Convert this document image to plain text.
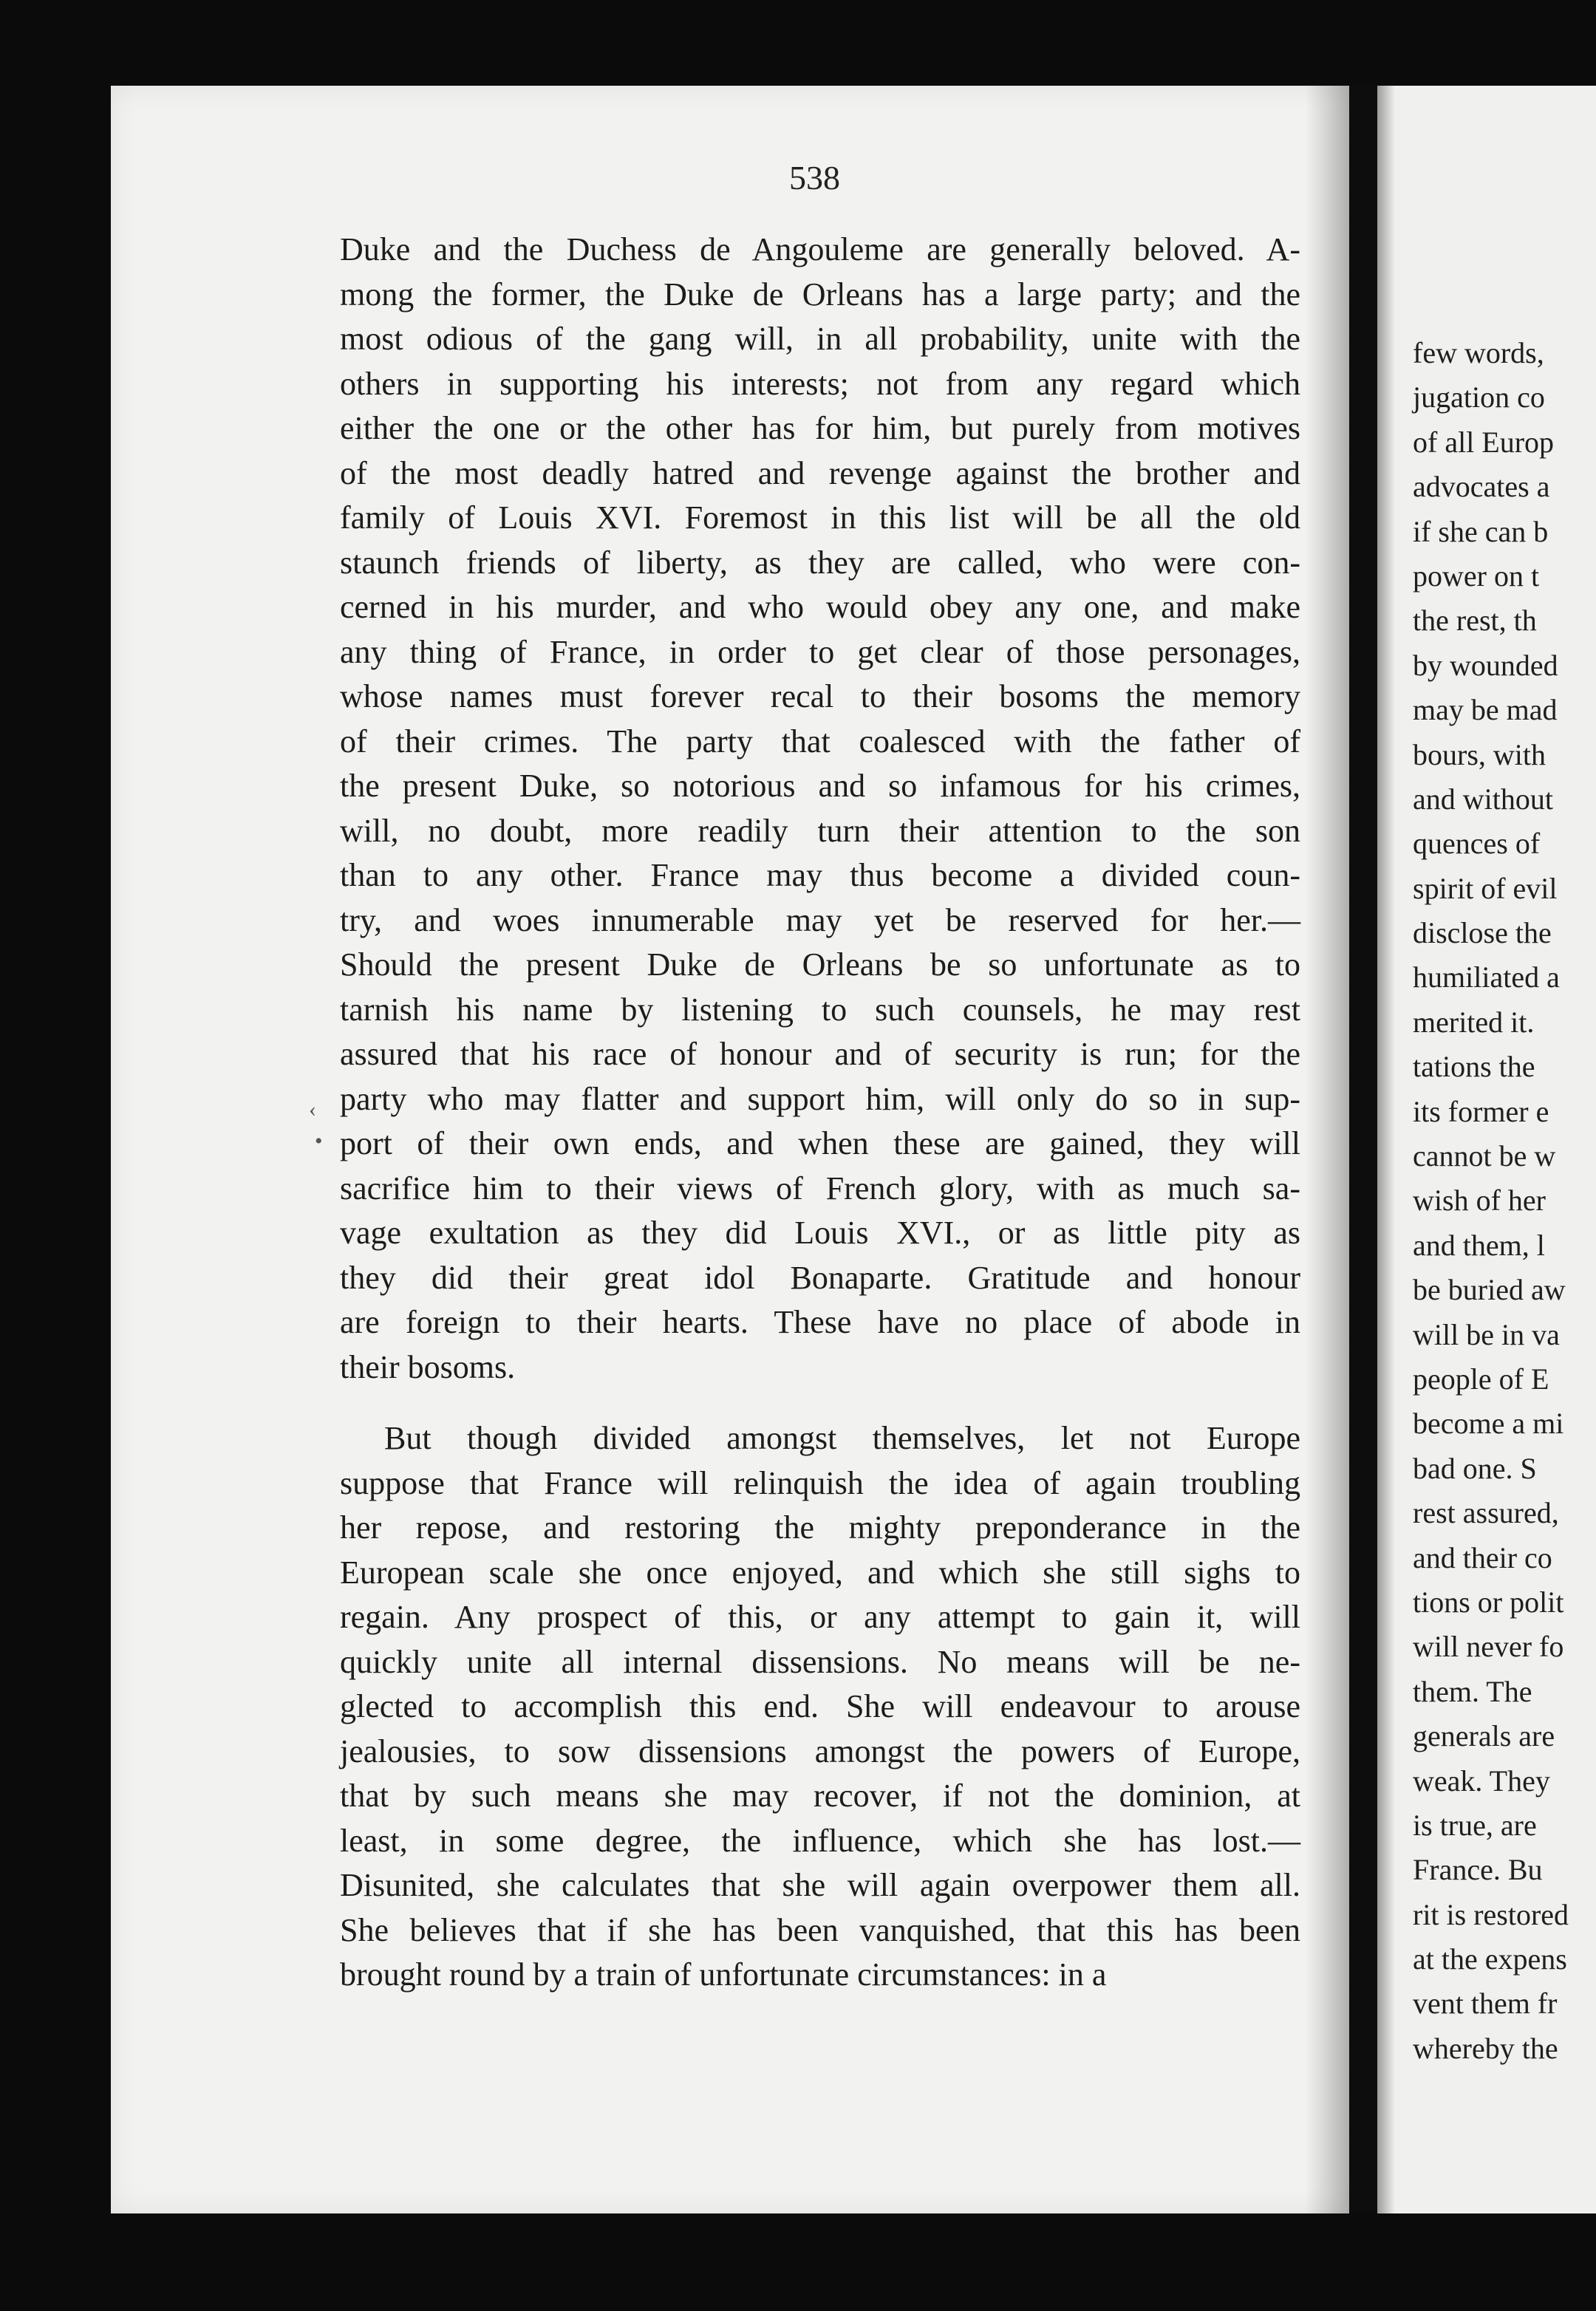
few words,
jugation co
of all Europ
advocates a
if she can b
power on t
the rest, th
by wounded
may be mad
bours, with
and without
quences of
spirit of evil
disclose the
humiliated a
merited it.
tations the
its former e
cannot be w
wish of her
and them, l
be buried aw
will be in va
people of E
become a mi
bad one. S
rest assured,
and their co
tions or polit
will never fo
them. The
generals are
weak. They
is true, are
France. Bu
rit is restored
at the expens
vent them fr
whereby the
538
Duke and the Duchess de Angouleme are generally beloved. A-
mong the former, the Duke de Orleans has a large party; and the
most odious of the gang will, in all probability, unite with the
others in supporting his interests; not from any regard which
either the one or the other has for him, but purely from motives
of the most deadly hatred and revenge against the brother and
family of Louis XVI. Foremost in this list will be all the old
staunch friends of liberty, as they are called, who were con-
cerned in his murder, and who would obey any one, and make
any thing of France, in order to get clear of those personages,
whose names must forever recal to their bosoms the memory
of their crimes. The party that coalesced with the father of
the present Duke, so notorious and so infamous for his crimes,
will, no doubt, more readily turn their attention to the son
than to any other. France may thus become a divided coun-
try, and woes innumerable may yet be reserved for her.—
Should the present Duke de Orleans be so unfortunate as to
tarnish his name by listening to such counsels, he may rest
assured that his race of honour and of security is run; for the
party who may flatter and support him, will only do so in sup-
port of their own ends, and when these are gained, they will
sacrifice him to their views of French glory, with as much sa-
vage exultation as they did Louis XVI., or as little pity as
they did their great idol Bonaparte. Gratitude and honour
are foreign to their hearts. These have no place of abode in
their bosoms.
But though divided amongst themselves, let not Europe
suppose that France will relinquish the idea of again troubling
her repose, and restoring the mighty preponderance in the
European scale she once enjoyed, and which she still sighs to
regain. Any prospect of this, or any attempt to gain it, will
quickly unite all internal dissensions. No means will be ne-
glected to accomplish this end. She will endeavour to arouse
jealousies, to sow dissensions amongst the powers of Europe,
that by such means she may recover, if not the dominion, at
least, in some degree, the influence, which she has lost.—
Disunited, she calculates that she will again overpower them all.
She believes that if she has been vanquished, that this has been
brought round by a train of unfortunate circumstances: in a
‹
•
